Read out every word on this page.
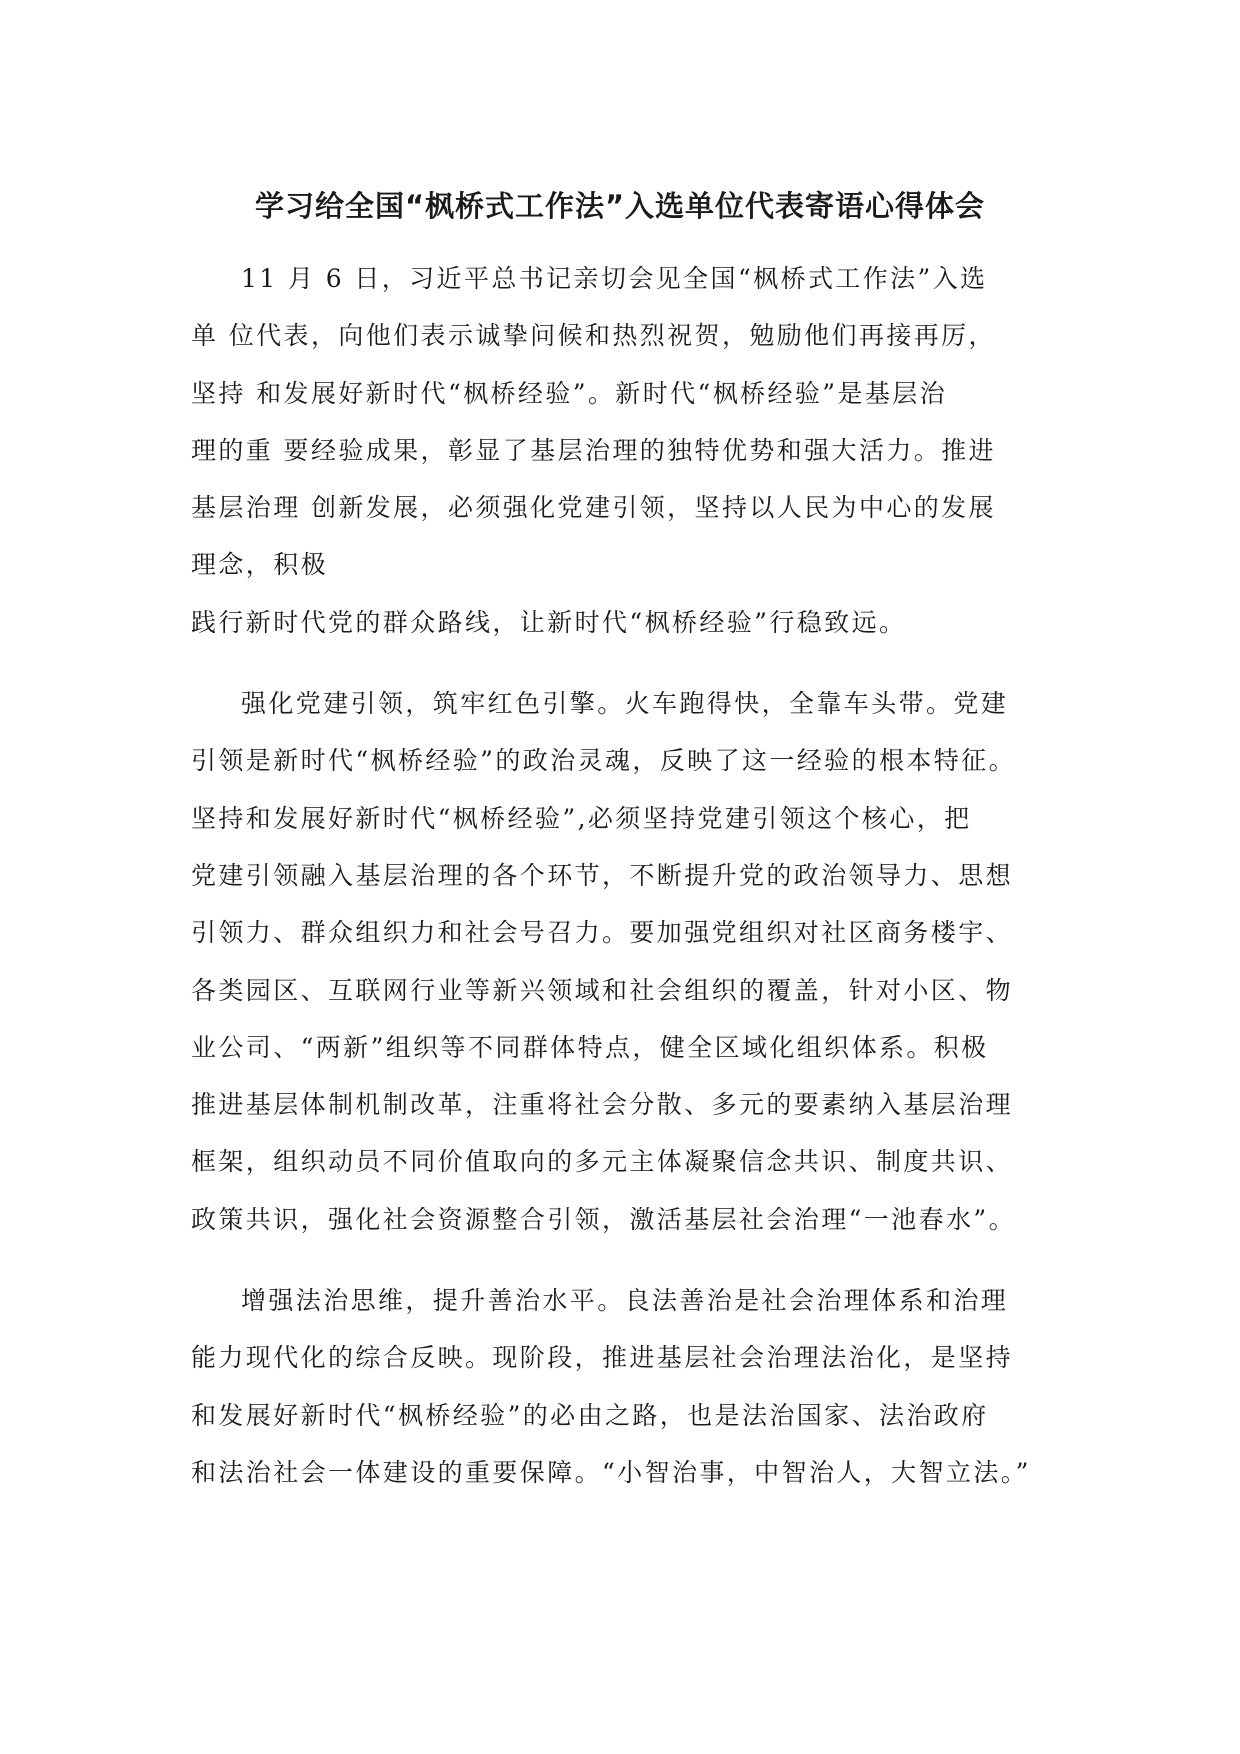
学习给全国“枫桥式工作法”入选单位代表寄语心得体会
11 月 6 日，习近平总书记亲切会见全国“枫桥式工作法”入选
单 位代表，向他们表示诚挚问候和热烈祝贺，勉励他们再接再厉，
坚持 和发展好新时代“枫桥经验”。新时代“枫桥经验”是基层治
理的重 要经验成果，彰显了基层治理的独特优势和强大活力。推进
基层治理 创新发展，必须强化党建引领，坚持以人民为中心的发展
理念，积极
践行新时代党的群众路线，让新时代“枫桥经验”行稳致远。
强化党建引领，筑牢红色引擎。火车跑得快，全靠车头带。党建
引领是新时代“枫桥经验”的政治灵魂，反映了这一经验的根本特征。
坚持和发展好新时代“枫桥经验”,必须坚持党建引领这个核心，把
党建引领融入基层治理的各个环节，不断提升党的政治领导力、思想
引领力、群众组织力和社会号召力。要加强党组织对社区商务楼宇、
各类园区、互联网行业等新兴领域和社会组织的覆盖，针对小区、物
业公司、“两新”组织等不同群体特点，健全区域化组织体系。积极
推进基层体制机制改革，注重将社会分散、多元的要素纳入基层治理
框架，组织动员不同价值取向的多元主体凝聚信念共识、制度共识、
政策共识，强化社会资源整合引领，激活基层社会治理“一池春水”。
增强法治思维，提升善治水平。良法善治是社会治理体系和治理
能力现代化的综合反映。现阶段，推进基层社会治理法治化，是坚持
和发展好新时代“枫桥经验”的必由之路，也是法治国家、法治政府
和法治社会一体建设的重要保障。“小智治事，中智治人，大智立法。”
